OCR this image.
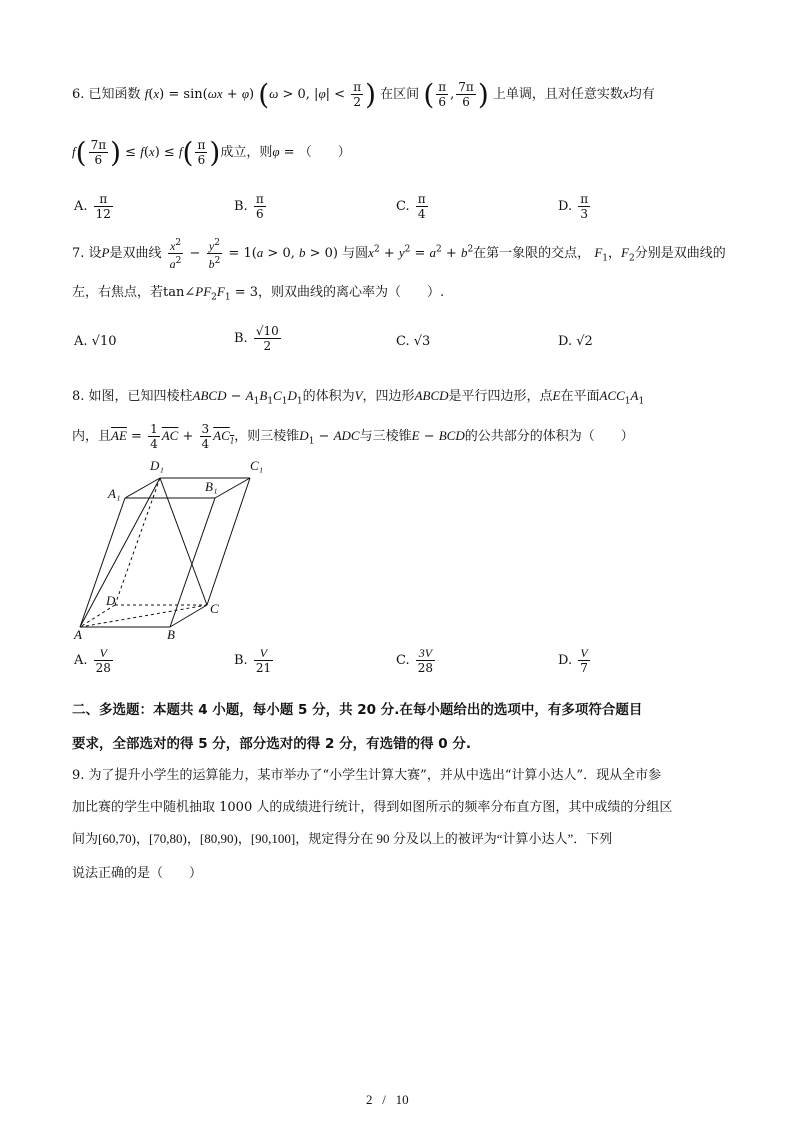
6. 已知函数 f(x) = sin(ωx + φ) (ω > 0, $|\varphi| < \frac{\pi}{2}$ ) 在区间 ( $\frac{\pi}{6}$ , $\frac{7\pi}{6}$ ) 上单调，且对任意实数x均有
$f( \frac{7\pi}{6}$ ) ≤ $f(x) \le f( \frac{\pi}{6}$ )成立，则φ = （　　）
A. $\frac{\pi}{12}$	B. $\frac{\pi}{6}$	C. $\frac{\pi}{4}$	D. $\frac{\pi}{3}$
7. 设P是双曲线 $\frac{x^2}{a^2} - \frac{y^2}{b^2} = 1(a > 0$, b > 0) 与圆$x^2 + y^2 = a^2 + b^2$在第一象限的交点， $F_1$，$F_2$分别是双曲线的
左，右焦点，若$\tan\angle PF_2F_1 = 3$，则双曲线的离心率为（　　）.
A. √10	B. $\frac{√10}{2}$	C. √3	D. √2
8. 如图，已知四棱柱ABCD − $A_1B_1C_1D_1$的体积为V，四边形ABCD是平行四边形，点E在平面$ACC_1A_1$
内，且$\overline{AE} = \frac{1}{4} \overline{AC} + \frac{3}{4} AC_1$，则三棱锥$D_1$ − ADC与三棱锥E − BCD的公共部分的体积为（　　）
D₁	C₁
A₁	B₁
D
C
A	B
A. $\frac{V}{28}$	B. $\frac{V}{21}$	C. $\frac{3V}{28}$	D. $\frac{V}{7}$
二、多选题：本题共 4 小题，每小题 5 分，共 20 分.在每小题给出的选项中，有多项符合题目
要求，全部选对的得 5 分，部分选对的得 2 分，有选错的得 0 分.
9. 为了提升小学生的运算能力，某市举办了“小学生计算大赛”，并从中选出“计算小达人”．现从全市参
加比赛的学生中随机抽取 1000 人的成绩进行统计，得到如图所示的频率分布直方图，其中成绩的分组区
间为[60,70)，[70,80)，[80,90)，[90,100]，规定得分在 90 分及以上的被评为“计算小达人”．下列
说法正确的是（　　）
2 / 10
